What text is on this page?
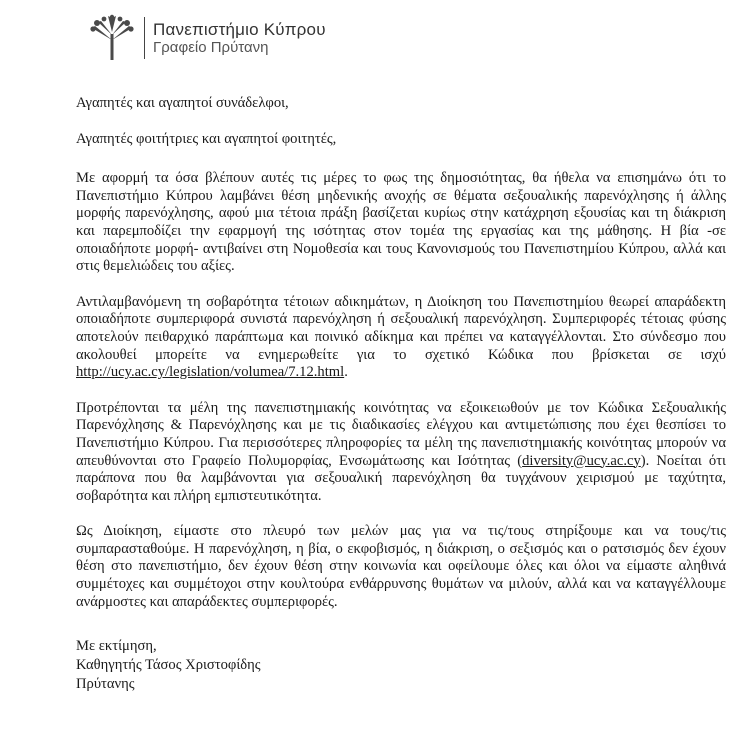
Πανεπιστήμιο Κύπρου
Γραφείο Πρύτανη

Αγαπητές και αγαπητοί συνάδελφοι,

Αγαπητές φοιτήτριες και αγαπητοί φοιτητές,

Με αφορμή τα όσα βλέπουν αυτές τις μέρες το φως της δημοσιότητας, θα ήθελα να επισημάνω ότι το Πανεπιστήμιο Κύπρου λαμβάνει θέση μηδενικής ανοχής σε θέματα σεξουαλικής παρενόχλησης ή άλλης μορφής παρενόχλησης, αφού μια τέτοια πράξη βασίζεται κυρίως στην κατάχρηση εξουσίας και τη διάκριση και παρεμποδίζει την εφαρμογή της ισότητας στον τομέα της εργασίας και της μάθησης. Η βία -σε οποιαδήποτε μορφή- αντιβαίνει στη Νομοθεσία και τους Κανονισμούς του Πανεπιστημίου Κύπρου, αλλά και στις θεμελιώδεις του αξίες.

Αντιλαμβανόμενη τη σοβαρότητα τέτοιων αδικημάτων, η Διοίκηση του Πανεπιστημίου θεωρεί απαράδεκτη οποιαδήποτε συμπεριφορά συνιστά παρενόχληση ή σεξουαλική παρενόχληση. Συμπεριφορές τέτοιας φύσης αποτελούν πειθαρχικό παράπτωμα και ποινικό αδίκημα και πρέπει να καταγγέλλονται. Στο σύνδεσμο που ακολουθεί μπορείτε να ενημερωθείτε για το σχετικό Κώδικα που βρίσκεται σε ισχύ http://ucy.ac.cy/legislation/volumea/7.12.html.

Προτρέπονται τα μέλη της πανεπιστημιακής κοινότητας να εξοικειωθούν με τον Κώδικα Σεξουαλικής Παρενόχλησης & Παρενόχλησης και με τις διαδικασίες ελέγχου και αντιμετώπισης που έχει θεσπίσει το Πανεπιστήμιο Κύπρου. Για περισσότερες πληροφορίες τα μέλη της πανεπιστημιακής κοινότητας μπορούν να απευθύνονται στο Γραφείο Πολυμορφίας, Ενσωμάτωσης και Ισότητας (diversity@ucy.ac.cy). Νοείται ότι παράπονα που θα λαμβάνονται για σεξουαλική παρενόχληση θα τυγχάνουν χειρισμού με ταχύτητα, σοβαρότητα και πλήρη εμπιστευτικότητα.

Ως Διοίκηση, είμαστε στο πλευρό των μελών μας για να τις/τους στηρίξουμε και να τους/τις συμπαρασταθούμε. Η παρενόχληση, η βία, ο εκφοβισμός, η διάκριση, ο σεξισμός και ο ρατσισμός δεν έχουν θέση στο πανεπιστήμιο, δεν έχουν θέση στην κοινωνία και οφείλουμε όλες και όλοι να είμαστε αληθινά συμμέτοχες και συμμέτοχοι στην κουλτούρα ενθάρρυνσης θυμάτων να μιλούν, αλλά και να καταγγέλλουμε ανάρμοστες και απαράδεκτες συμπεριφορές.

Με εκτίμηση,
Καθηγητής Τάσος Χριστοφίδης
Πρύτανης
